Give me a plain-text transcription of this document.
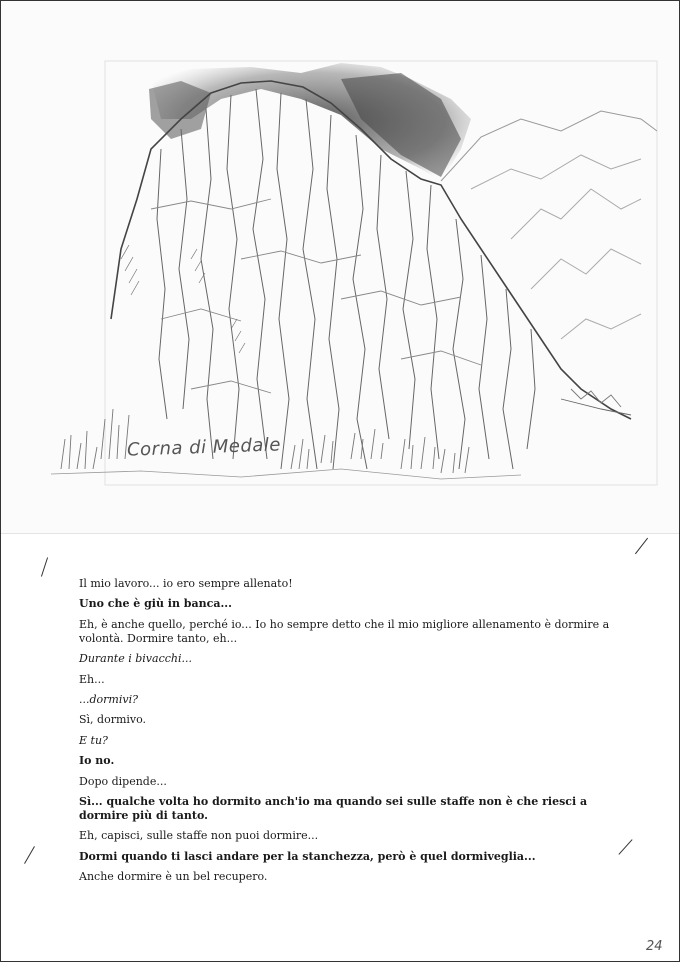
Corna di Medale
Il mio lavoro... io ero sempre allenato!
Uno che è giù in banca...
Eh, è anche quello, perché io... Io ho sempre detto che il mio migliore allenamento è dormire a volontà. Dormire tanto, eh...
Durante i bivacchi...
Eh...
...dormivi?
Sì, dormivo.
E tu?
Io no.
Dopo dipende...
Sì... qualche volta ho dormito anch'io ma quando sei sulle staffe non è che riesci a dormire più di tanto.
Eh, capisci, sulle staffe non puoi dormire...
Dormi quando ti lasci andare per la stanchezza, però è quel dormiveglia...
Anche dormire è un bel recupero.
24
